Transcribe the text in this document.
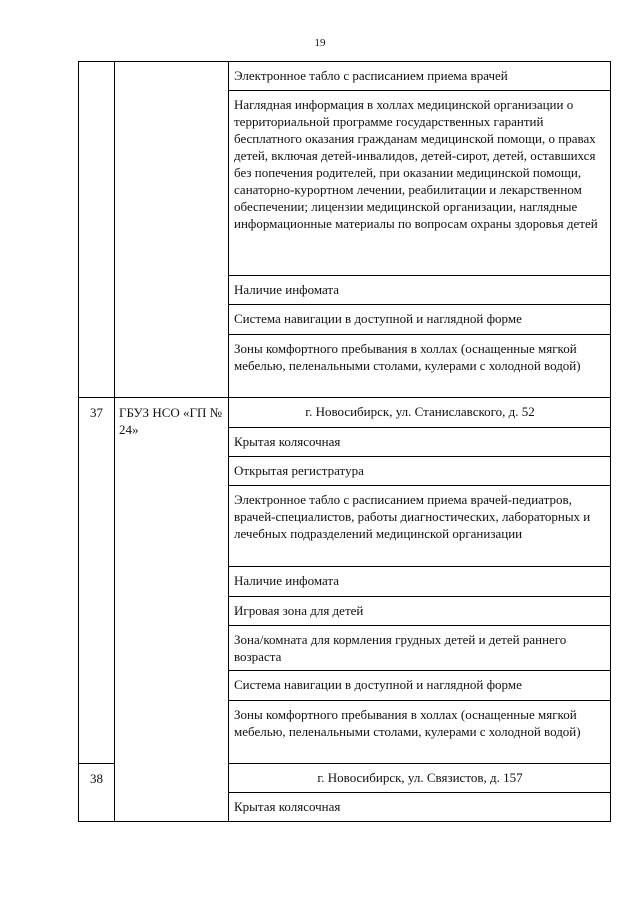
19
		Электронное табло с расписанием приема врачей
		Наглядная информация в холлах медицинской организации о территориальной программе государственных гарантий бесплатного оказания гражданам медицинской помощи, о правах детей, включая детей-инвалидов, детей-сирот, детей, оставшихся без попечения родителей, при оказании медицинской помощи, санаторно-курортном лечении, реабилитации и лекарственном обеспечении; лицензии медицинской организации, наглядные информационные материалы по вопросам охраны здоровья детей
		Наличие инфомата
		Система навигации в доступной и наглядной форме
		Зоны комфортного пребывания в холлах (оснащенные мягкой мебелью, пеленальными столами, кулерами с холодной водой)
37	ГБУЗ НСО «ГП № 24»	г. Новосибирск, ул. Станиславского, д. 52
		Крытая колясочная
		Открытая регистратура
		Электронное табло с расписанием приема врачей-педиатров, врачей-специалистов, работы диагностических, лабораторных и лечебных подразделений медицинской организации
		Наличие инфомата
		Игровая зона для детей
		Зона/комната для кормления грудных детей и детей раннего возраста
		Система навигации в доступной и наглядной форме
		Зоны комфортного пребывания в холлах (оснащенные мягкой мебелью, пеленальными столами, кулерами с холодной водой)
38		г. Новосибирск, ул. Связистов, д. 157
		Крытая колясочная
